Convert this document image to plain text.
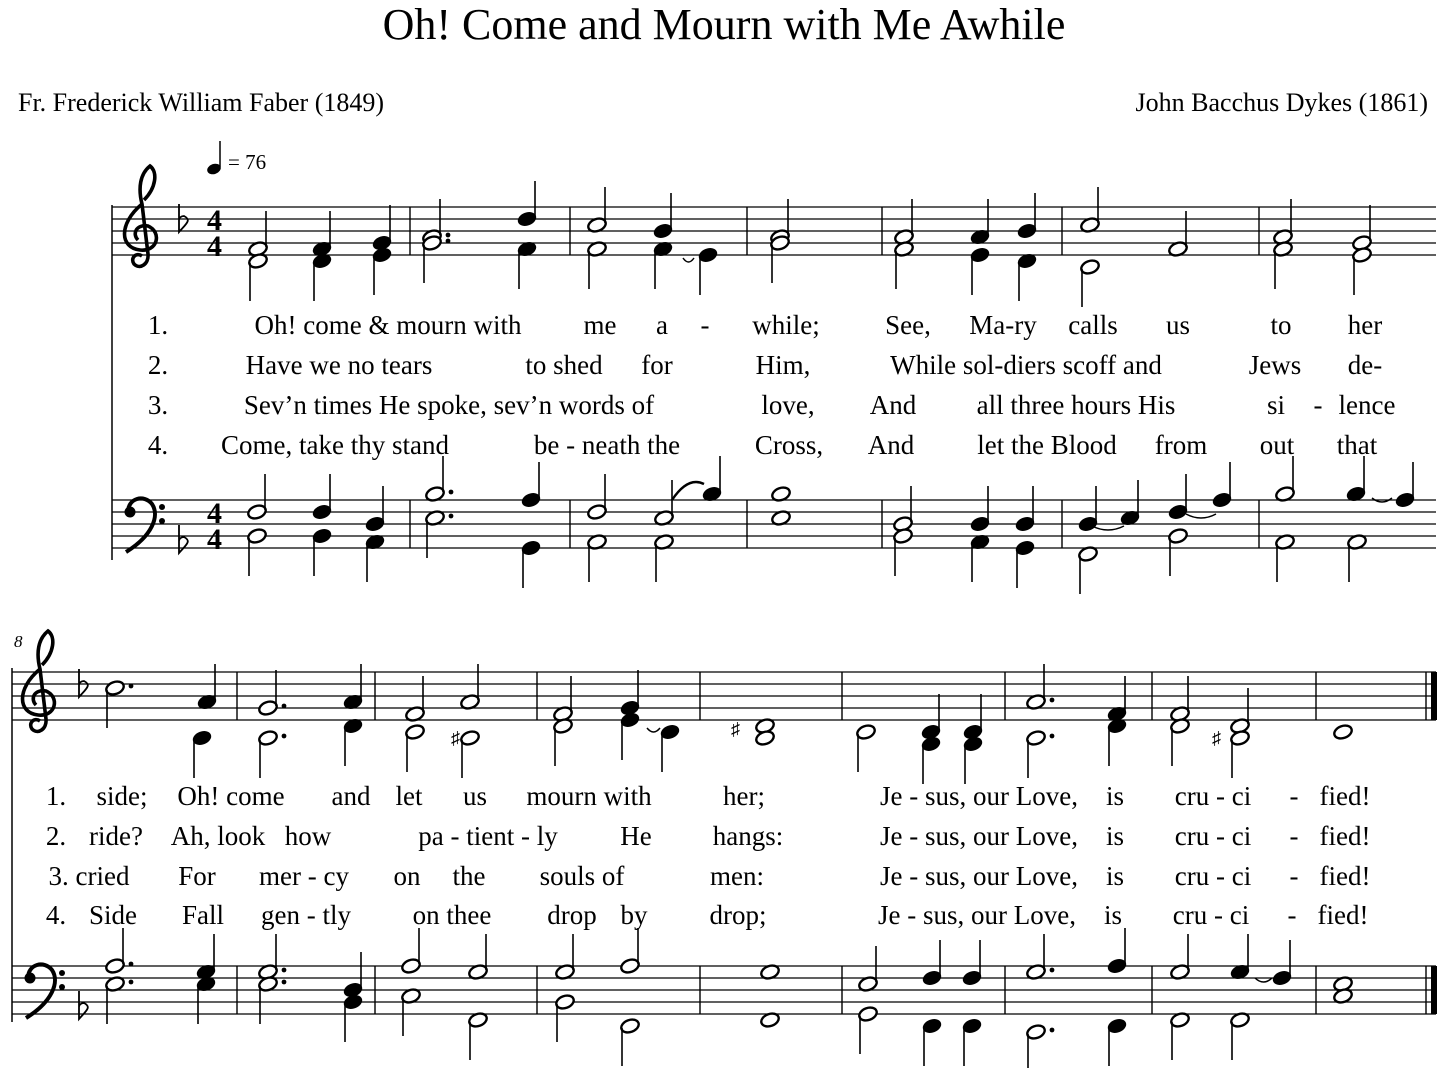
Oh! Come and Mourn with Me Awhile
Fr. Frederick William Faber (1849)	John Bacchus Dykes (1861)
= 76
8
4
4
4
4
♯	♯	♯
1.	Oh! come & mourn with me a - while; See, Ma-ry calls us	to her
2.	Have we no tears	to shed for	Him,	While sol-diers scoff and	Jews de-
3.	Sev’n times He spoke, sev’n words of	love, And all three hours His	si - lence
4. Come, take thy stand	be - neath the	Cross, And let the Blood from out that
1. side; Oh! come and let us mourn with	her;	Je - sus, our Love, is cru - ci - fied!
2. ride? Ah, look how	pa - tient - ly He hangs:	Je - sus, our Love, is cru - ci - fied!
3. cried For mer - cy on the souls of	men:	Je - sus, our Love, is cru - ci - fied!
4. Side Fall gen - tly on thee drop by drop;	Je - sus, our Love, is cru - ci - fied!
